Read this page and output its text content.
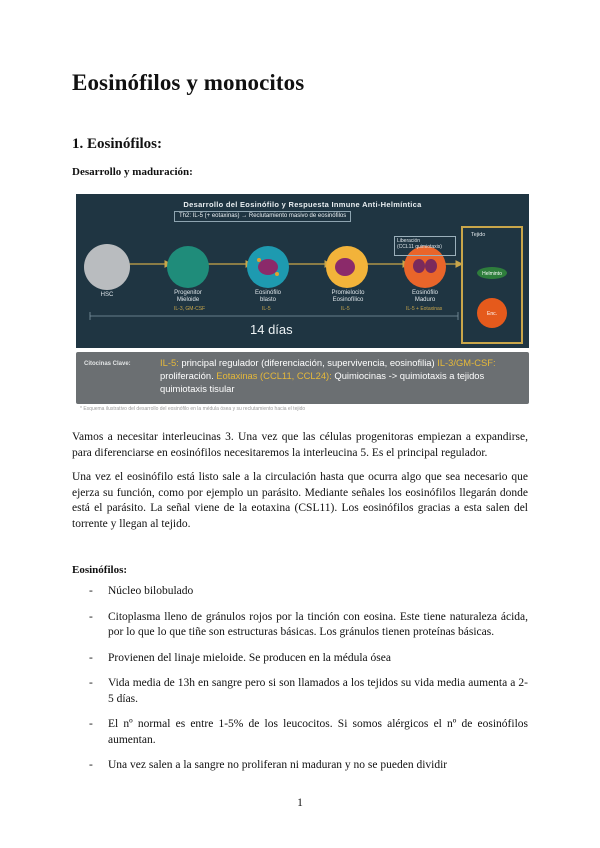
Eosinófilos y monocitos
1. Eosinófilos:
Desarrollo y maduración:
Desarrollo del Eosinófilo y Respuesta Inmune Anti-Helmíntica
Th2: IL-5 (+ eotaxinas) → Reclutamiento masivo de eosinófilos
HSC	Progenitor
Mieloide
Eosinófilo
blasto
Promielocito
Eosinofílico
Eosinófilo
Maduro
IL-3, GM-CSF	IL-5	IL-5	IL-5 + Eotaxinas
14 días
Liberación
(CCL11 quimiotaxis)
Tejido
Helminto
Enc.
Citocinas Clave:	IL-5: principal regulador (diferenciación, supervivencia, eosinofilia) IL-3/GM-CSF: proliferación. Eotaxinas (CCL11, CCL24): Quimiocinas -> quimiotaxis a tejidos quimiotaxis tisular
* Esquema ilustrativo del desarrollo del eosinófilo en la médula ósea y su reclutamiento hacia el tejido

Vamos a necesitar interleucinas 3. Una vez que las células progenitoras empiezan a expandirse, para diferenciarse en eosinófilos necesitaremos la interleucina 5. Es el principal regulador.

Una vez el eosinófilo está listo sale a la circulación hasta que ocurra algo que sea necesario que ejerza su función, como por ejemplo un parásito. Mediante señales los eosinófilos llegarán donde está el parásito. La señal viene de la eotaxina (CSL11). Los eosinófilos gracias a esta salen del torrente y llegan al tejido.

Eosinófilos:
- Núcleo bilobulado
- Citoplasma lleno de gránulos rojos por la tinción con eosina. Este tiene naturaleza ácida, por lo que lo que tiñe son estructuras básicas. Los gránulos tienen proteínas básicas.
- Provienen del linaje mieloide. Se producen en la médula ósea
- Vida media de 13h en sangre pero si son llamados a los tejidos su vida media aumenta a 2-5 días.
- El nº normal es entre 1-5% de los leucocitos. Si somos alérgicos el nº de eosinófilos aumentan.
- Una vez salen a la sangre no proliferan ni maduran y no se pueden dividir
1
